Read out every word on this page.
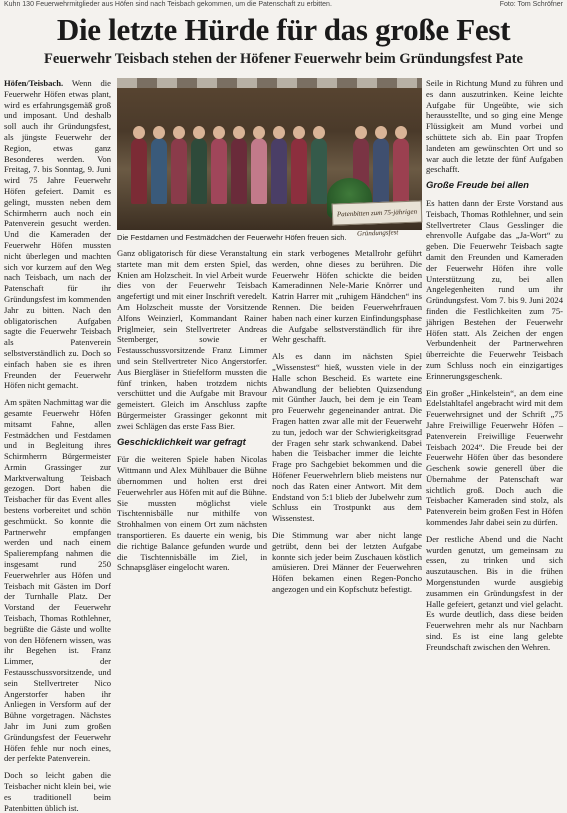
Kuhn 130 Feuerwehrmitglieder aus Höfen sind nach Teisbach gekommen, um die Patenschaft zu erbitten.	Foto: Tom Schröfner
Die letzte Hürde für das große Fest
Feuerwehr Teisbach stehen der Höfener Feuerwehr beim Gründungsfest Pate

Höfen/Teisbach. Wenn die Feuerwehr Höfen etwas plant, wird es erfahrungsgemäß groß und imposant. Und deshalb soll auch ihr Gründungsfest, als jüngste Feuerwehr der Region, etwas ganz Besonderes werden. Von Freitag, 7. bis Sonntag, 9. Juni wird 75 Jahre Feuerwehr Höfen gefeiert. Damit es gelingt, mussten neben dem Schirmherrn auch noch ein Patenverein gesucht werden. Und die Kameraden der Feuerwehr Höfen mussten nicht überlegen und machten sich vor kurzem auf den Weg nach Teisbach, um nach der Patenschaft für ihr Gründungsfest im kommenden Jahr zu bitten. Nach den obligatorischen Aufgaben sagte die Feuerwehr Teisbach als Patenverein selbstverständlich zu. Doch so einfach haben sie es ihren Freunden der Feuerwehr Höfen nicht gemacht.

Am späten Nachmittag war die gesamte Feuerwehr Höfen mitsamt Fahne, allen Festmädchen und Festdamen und in Begleitung ihres Schirmherrn Bürgermeister Armin Grassinger zur Marktverwaltung Teisbach gezogen. Dort haben die Teisbacher für das Event alles bestens vorbereitet und schön geschmückt. So konnte die Partnerwehr empfangen werden und nach einem Spalierempfang nahmen die insgesamt rund 250 Feuerwehrler aus Höfen und Teisbach mit Gästen im Dorf der Turnhalle Platz. Der Vorstand der Feuerwehr Teisbach, Thomas Rothlehner, begrüßte die Gäste und wollte von den Höfenern wissen, was ihr Begehen ist. Franz Limmer, der Festausschussvorsitzende, und sein Stellvertreter Nico Angerstorfer haben ihr Anliegen in Versform auf der Bühne vorgetragen. Nächstes Jahr im Juni zum großen Gründungsfest der Feuerwehr Höfen fehle nur noch eines, der perfekte Patenverein.

Doch so leicht gaben die Teisbacher nicht klein bei, wie es traditionell beim Patenbitten üblich ist.

Patenbitten zum 75-jährigen Gründungsfest
Die Festdamen und Festmädchen der Feuerwehr Höfen freuen sich.

Ganz obligatorisch für diese Veranstaltung startete man mit dem ersten Spiel, das Knien am Holzscheit. In viel Arbeit wurde dies von der Feuerwehr Teisbach angefertigt und mit einer Inschrift veredelt. Am Holzscheit musste der Vorsitzende Alfons Weinzierl, Kommandant Rainer Priglmeier, sein Stellvertreter Andreas Stemberger, sowie er Festausschussvorsitzende Franz Limmer und sein Stellvertreter Nico Angerstorfer. Aus Biergläser in Stiefelform mussten die fünf trinken, haben trotzdem nichts verschüttet und die Aufgabe mit Bravour gemeistert. Gleich im Anschluss zapfte Bürgermeister Grassinger gekonnt mit zwei Schlägen das erste Fass Bier.

Geschicklichkeit war gefragt

Für die weiteren Spiele haben Nicolas Wittmann und Alex Mühlbauer die Bühne übernommen und holten erst drei Feuerwehrler aus Höfen mit auf die Bühne. Sie mussten möglichst viele Tischtennisbälle nur mithilfe von Strohhalmen von einem Ort zum nächsten transportieren. Es dauerte ein wenig, bis die richtige Balance gefunden wurde und die Tischtennisbälle im Ziel, in Schnapsgläser eingelocht waren.

ein stark verbogenes Metallrohr geführt werden, ohne dieses zu berühren. Die Feuerwehr Höfen schickte die beiden Kameradinnen Nele-Marie Knörrer und Katrin Harrer mit „ruhigem Händchen“ ins Rennen. Die beiden Feuerwehrfrauen haben nach einer kurzen Einfindungsphase die Aufgabe selbstverständlich für ihre Wehr geschafft.

Als es dann im nächsten Spiel „Wissenstest“ hieß, wussten viele in der Halle schon Bescheid. Es wartete eine Abwandlung der beliebten Quizsendung mit Günther Jauch, bei dem je ein Team pro Feuerwehr gegeneinander antrat. Die Fragen hatten zwar alle mit der Feuerwehr zu tun, jedoch war der Schwierigkeitsgrad der Fragen sehr stark schwankend. Dabei haben die Teisbacher immer die leichte Frage pro Sachgebiet bekommen und die Höfener Feuerwehrlern blieb meistens nur noch das Raten einer Antwort. Mit dem Endstand von 5:1 blieb der Jubelwehr zum Schluss ein Trostpunkt aus dem Wissenstest.

Die Stimmung war aber nicht lange getrübt, denn bei der letzten Aufgabe konnte sich jeder beim Zuschauen köstlich amüsieren. Drei Männer der Feuerwehren Höfen bekamen einen Regen-Poncho angezogen und ein Kopfschutz befestigt.

Seile in Richtung Mund zu führen und es dann auszutrinken. Keine leichte Aufgabe für Ungeübte, wie sich herausstellte, und so ging eine Menge Flüssigkeit am Mund vorbei und schüttete sich ab. Ein paar Tropfen landeten am gewünschten Ort und so war auch die letzte der fünf Aufgaben geschafft.

Große Freude bei allen

Es hatten dann der Erste Vorstand aus Teisbach, Thomas Rothlehner, und sein Stellvertreter Claus Gesslinger die ehrenvolle Aufgabe das „Ja-Wort“ zu geben. Die Feuerwehr Teisbach sagte damit den Freunden und Kameraden der Feuerwehr Höfen ihre volle Unterstützung zu, bei allen Angelegenheiten rund um ihr Gründungsfest. Vom 7. bis 9. Juni 2024 finden die Festlichkeiten zum 75-jährigen Bestehen der Feuerwehr Höfen statt. Als Zeichen der engen Verbundenheit der Partnerwehren überreichte die Feuerwehr Teisbach zum Schluss noch ein einzigartiges Erinnerungsgeschenk.

Ein großer „Hinkelstein“, an dem eine Edelstahltafel angebracht wird mit dem Feuerwehrsignet und der Schrift „75 Jahre Freiwillige Feuerwehr Höfen – Patenverein Freiwillige Feuerwehr Teisbach 2024“. Die Freude bei der Feuerwehr Höfen über das besondere Geschenk sowie generell über die Übernahme der Patenschaft war sichtlich groß. Doch auch die Teisbacher Kameraden sind stolz, als Patenverein beim großen Fest in Höfen kommendes Jahr dabei sein zu dürfen.

Der restliche Abend und die Nacht wurden genutzt, um gemeinsam zu essen, zu trinken und sich auszutauschen. Bis in die frühen Morgenstunden wurde ausgiebig zusammen ein Gründungsfest in der Halle gefeiert, getanzt und viel gelacht. Es wurde deutlich, dass diese beiden Feuerwehren mehr als nur Nachbarn sind. Es ist eine lang gelebte Freundschaft zwischen den Wehren.
